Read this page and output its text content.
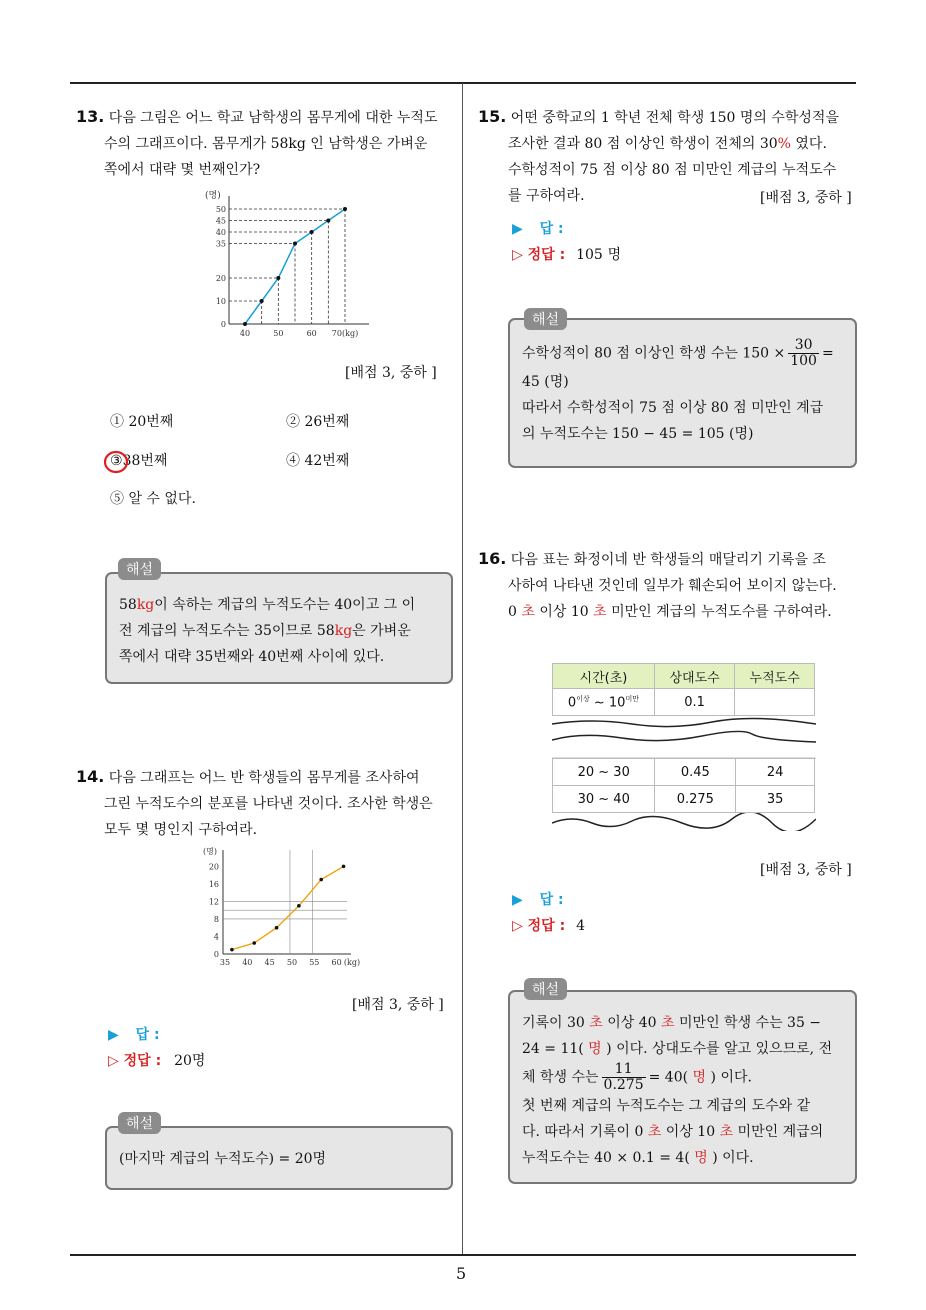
5
13. 다음 그림은 어느 학교 남학생의 몸무게에 대한 누적도
수의 그래프이다. 몸무게가 58kg 인 남학생은 가벼운
쪽에서 대략 몇 번째인가?
(명)
0
10
20
35
40
45
50
40	50	60 70(kg)
[배점 3, 중하 ]
① 20번째	② 26번째
③
38번째	④ 42번째
⑤ 알 수 없다.
58kg이 속하는 계급의 누적도수는 40이고 그 이
전 계급의 누적도수는 35이므로 58kg은 가벼운
쪽에서 대략 35번째와 40번째 사이에 있다.
해설
14. 다음 그래프는 어느 반 학생들의 몸무게를 조사하여
그린 누적도수의 분포를 나타낸 것이다. 조사한 학생은
모두 몇 명인지 구하여라.
(명)
0
4
8
12
16
20
35 40 45 50 55 60 (kg)
[배점 3, 중하 ]
▶ 답 :
▷ 정답 : 20명
(마지막 계급의 누적도수) = 20명
해설
15. 어떤 중학교의 1 학년 전체 학생 150 명의 수학성적을
조사한 결과 80 점 이상인 학생이 전체의 30% 였다.
수학성적이 75 점 이상 80 점 미만인 계급의 누적도수
를 구하여라.	[배점 3, 중하 ]
▶ 답 :
▷ 정답 : 105 명
수학성적이 80 점 이상인 학생 수는 $150 \times \frac{30}{100}$ =
45 (명)
따라서 수학성적이 75 점 이상 80 점 미만인 계급
의 누적도수는 150 − 45 = 105 (명)
해설
16. 다음 표는 화정이네 반 학생들의 매달리기 기록을 조
사하여 나타낸 것인데 일부가 훼손되어 보이지 않는다.
0 초 이상 10 초 미만인 계급의 누적도수를 구하여라.
시간(초)	상대도수	누적도수
$0^{이상}$ ~ $10^{미만}$	0.1	
20 ~ 30	0.45	24
30 ~ 40	0.275	35
[배점 3, 중하 ]
▶ 답 :
▷ 정답 : 4
기록이 30 초 이상 40 초 미만인 학생 수는 35 −
24 = 11( 명 ) 이다. 상대도수를 알고 있으므로, 전
체 학생 수는 $\frac{11}{0.275} = 40$( 명 ) 이다.
첫 번째 계급의 누적도수는 그 계급의 도수와 같
다. 따라서 기록이 0 초 이상 10 초 미만인 계급의
누적도수는 40 × 0.1 = 4( 명 ) 이다.
해설
